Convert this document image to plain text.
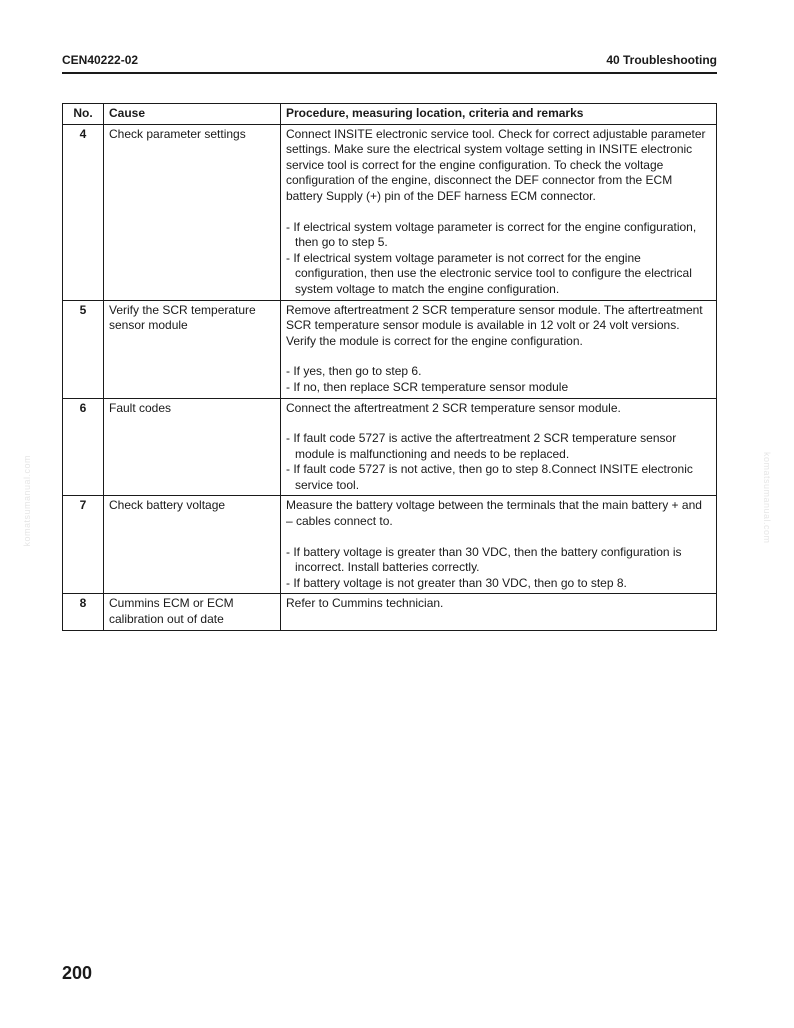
CEN40222-02	40 Troubleshooting
komatsumanual.com	komatsumanual.com
No.	Cause	Procedure, measuring location, criteria and remarks
4	Check parameter settings	Connect INSITE electronic service tool. Check for correct adjustable parameter settings. Make sure the electrical system voltage setting in INSITE electronic service tool is correct for the engine configuration. To check the voltage configuration of the engine, disconnect the DEF connector from the ECM battery Supply (+) pin of the DEF harness ECM connector.

- If electrical system voltage parameter is correct for the engine configuration, then go to step 5.

- If electrical system voltage parameter is not correct for the engine configuration, then use the electronic service tool to configure the electrical system voltage to match the engine configuration.

5	Verify the SCR temperature sensor module	Remove aftertreatment 2 SCR temperature sensor module. The aftertreatment SCR temperature sensor module is available in 12 volt or 24 volt versions. Verify the module is correct for the engine configuration.

- If yes, then go to step 6.

- If no, then replace SCR temperature sensor module

6	Fault codes	Connect the aftertreatment 2 SCR temperature sensor module.

- If fault code 5727 is active the aftertreatment 2 SCR temperature sensor module is malfunctioning and needs to be replaced.

- If fault code 5727 is not active, then go to step 8.Connect INSITE electronic service tool.

7	Check battery voltage	Measure the battery voltage between the terminals that the main battery + and – cables connect to.

- If battery voltage is greater than 30 VDC, then the battery configuration is incorrect. Install batteries correctly.

- If battery voltage is not greater than 30 VDC, then go to step 8.

8	Cummins ECM or ECM calibration out of date	Refer to Cummins technician.

200
